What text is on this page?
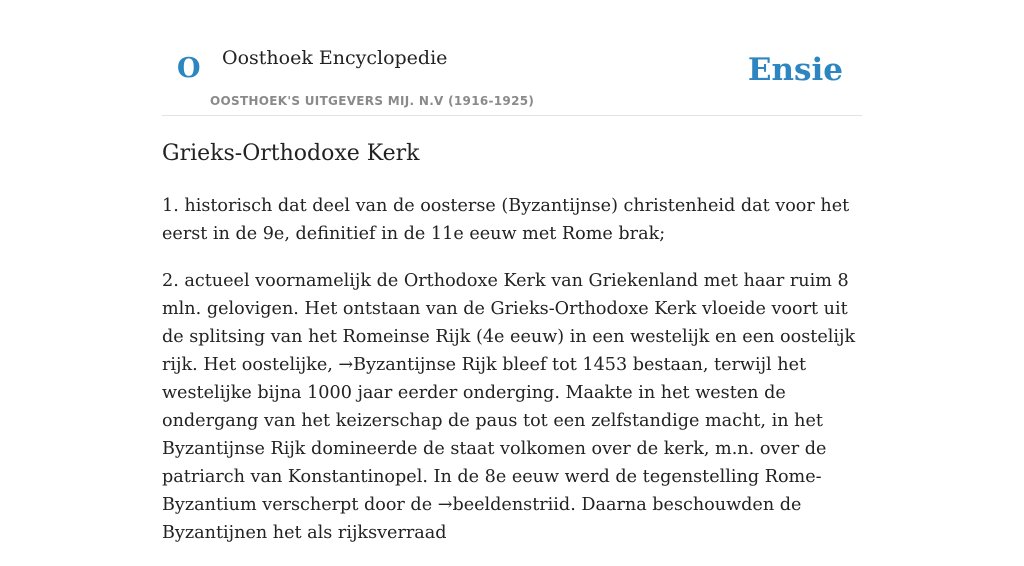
O Oosthoek Encyclopedie
OOSTHOEK'S UITGEVERS MIJ. N.V (1916-1925)
Ensie
Grieks-Orthodoxe Kerk

1. historisch dat deel van de oosterse (Byzantijnse) christenheid dat voor het eerst in de 9e, definitief in de 11e eeuw met Rome brak;

2. actueel voornamelijk de Orthodoxe Kerk van Griekenland met haar ruim 8 mln. gelovigen. Het ontstaan van de Grieks-Orthodoxe Kerk vloeide voort uit de splitsing van het Romeinse Rijk (4e eeuw) in een westelijk en een oostelijk rijk. Het oostelijke, →Byzantijnse Rijk bleef tot 1453 bestaan, terwijl het westelijke bijna 1000 jaar eerder onderging. Maakte in het westen de ondergang van het keizerschap de paus tot een zelfstandige macht, in het Byzantijnse Rijk domineerde de staat volkomen over de kerk, m.n. over de patriarch van Konstantinopel. In de 8e eeuw werd de tegenstelling Rome-Byzantium verscherpt door de →beeldenstriid. Daarna beschouwden de Byzantijnen het als rijksverraad
